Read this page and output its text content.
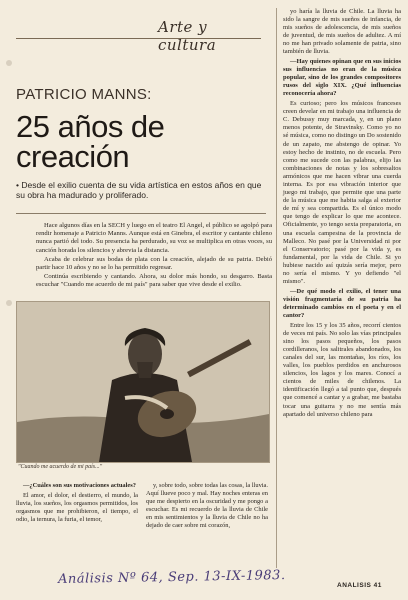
Arte y cultura
PATRICIO MANNS:
25 años de creación
• Desde el exilio cuenta de su vida artística en estos años en que su obra ha madurado y proliferado.

Hace algunos días en la SECH y luego en el teatro El Angel, el público se agolpó para rendir homenaje a Patricio Manns. Aunque está en Ginebra, el escritor y cantante chileno nunca partió del todo. Su presencia ha perdurado, su voz se multiplica en otras voces, su canción horada los silencios y abrevia la distancia.

Acaba de celebrar sus bodas de plata con la creación, alejado de su patria. Debió partir hace 10 años y no se lo ha permitido regresar.

Continúa escribiendo y cantando. Ahora, su dolor más hondo, su desgarro. Basta escuchar "Cuando me acuerdo de mi país" para saber que vive desde el exilio.

"Cuando me acuerdo de mi país..."

—¿Cuáles son sus motivaciones actuales?

El amor, el dolor, el destierro, el mundo, la lluvia, los sueños, los orgasmos permitidos, los orgasmos que me prohibieron, el tiempo, el odio, la ternura, la furia, el temor,

y, sobre todo, sobre todas las cosas, la lluvia. Aquí llueve poco y mal. Hay noches enteras en que me despierto en la oscuridad y me pongo a escuchar. Es mi recuerdo de la lluvia de Chile en mis sentimientos y la lluvia de Chile no ha dejado de caer sobre mi corazón,

yo haría la lluvia de Chile. La lluvia ha sido la sangre de mis sueños de infancia, de mis sueños de adolescencia, de mis sueños de juventud, de mis sueños de adultez. A mí no me han privado solamente de patria, sino también de lluvia.

—Hay quienes opinan que en sus inicios sus influencias no eran de la música popular, sino de los grandes compositores rusos del siglo XIX. ¿Qué influencias reconocería ahora?

Es curioso; pero los músicos franceses creen develar en mi trabajo una influencia de C. Debussy muy marcada, y, en un plano menos potente, de Stravinsky. Como yo no sé música, como no distingo un Do sostenido de un zapato, me abstengo de opinar. Yo estoy hecho de instinto, no de escuela. Pero como me sucede con las palabras, elijo las combinaciones de notas y los sobresaltos armónicos que me hacen vibrar una cuerda interna. Es por esa vibración interior que juego mi trabajo, que permite que una parte de la música que me habita salga al exterior de mí y sea compartida. Es el único modo que tengo de explicar lo que me acontece. Oficialmente, yo tengo sexta preparatoria, en una escuela campesina de la provincia de Malleco. No pasé por la Universidad ni por el Conservatorio; pasé por la vida y, es fundamental, por la vida de Chile. Si yo hubiese nacido así quizás sería mejor, pero no sería el mismo. Y yo defiendo "el mismo".

—De qué modo el exilio, el tener una visión fragmentaria de su patria ha determinado cambios en el poeta y en el cantor?

Entre los 15 y los 35 años, recorrí cientos de veces mi país. No solo las vías principales sino los pasos pequeños, los pasos cordilleranos, los salitrales abandonados, los canales del sur, las montañas, los ríos, los valles, los pueblos perdidos en anchurosos silencios, los lagos y los mares. Conocí a cientos de miles de chilenos. La identificación llegó a tal punto que, después que comencé a cantar y a grabar, me bastaba tocar una guitarra y no me sentía más apartado del universo chileno para

Análisis Nº 64, Sep. 13-IX-1983.	ANALISIS 41
